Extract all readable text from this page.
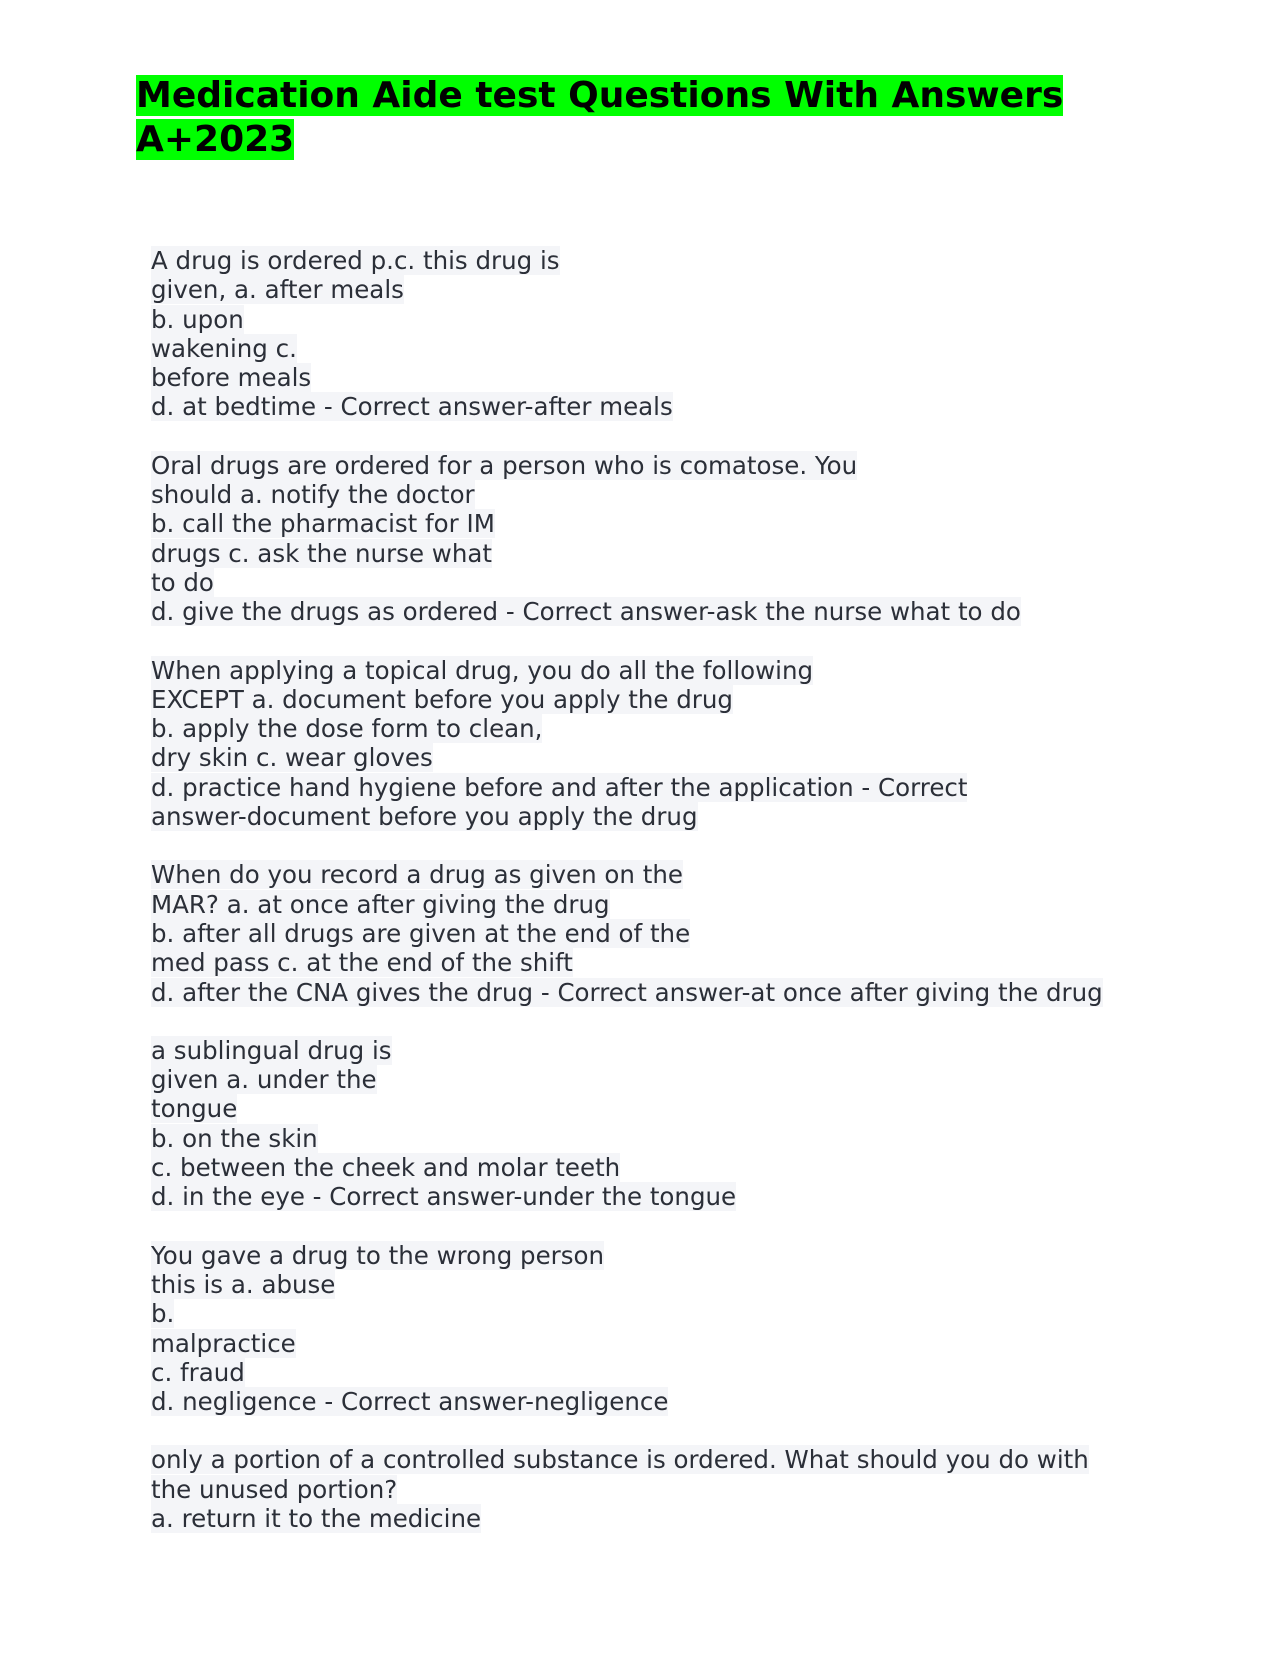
Medication Aide test Questions With Answers A+2023
A drug is ordered p.c. this drug is
given, a. after meals
b. upon
wakening c.
before meals
d. at bedtime - Correct answer-after meals
Oral drugs are ordered for a person who is comatose. You
should a. notify the doctor
b. call the pharmacist for IM
drugs c. ask the nurse what
to do
d. give the drugs as ordered - Correct answer-ask the nurse what to do
When applying a topical drug, you do all the following
EXCEPT a. document before you apply the drug
b. apply the dose form to clean,
dry skin c. wear gloves
d. practice hand hygiene before and after the application - Correct
answer-document before you apply the drug
When do you record a drug as given on the
MAR? a. at once after giving the drug
b. after all drugs are given at the end of the
med pass c. at the end of the shift
d. after the CNA gives the drug - Correct answer-at once after giving the drug
a sublingual drug is
given a. under the
tongue
b. on the skin
c. between the cheek and molar teeth
d. in the eye - Correct answer-under the tongue
You gave a drug to the wrong person
this is a. abuse
b.
malpractice
c. fraud
d. negligence - Correct answer-negligence
only a portion of a controlled substance is ordered. What should you do with
the unused portion?
a. return it to the medicine
